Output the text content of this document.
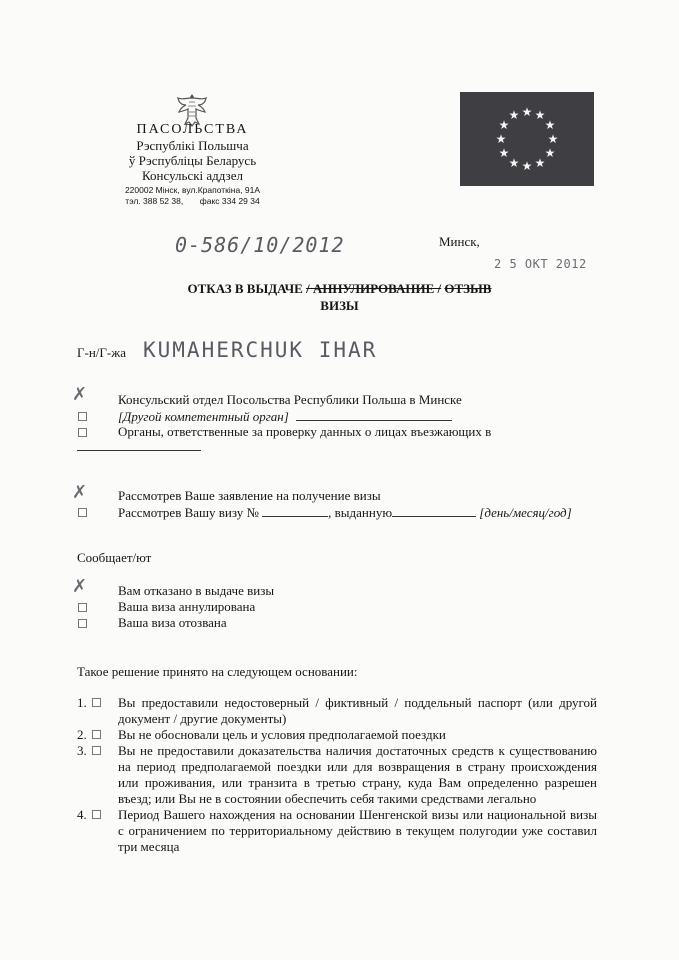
ПАСОЛЬСТВА
Рэспублікі Польшча
ў Рэспубліцы Беларусь
Консульскі аддзел
220002 Мінск, вул.Крапоткіна, 91А
тэл. 388 52 38, факс 334 29 34
★ ★
★
★
★
★
★
★
★
★
★
★
0-586/10/2012	Минск,
2 5 ОКТ 2012
ОТКАЗ В ВЫДАЧЕ / АННУЛИРОВАНИЕ / ОТЗЫВ
ВИЗЫ
Г-н/Г-жа KUMAHERCHUK IHAR
✗ Консульский отдел Посольства Республики Польша в Минске
[Другой компетентный орган]
Органы, ответственные за проверку данных о лицах въезжающих в
✗ Рассмотрев Ваше заявление на получение визы
Рассмотрев Вашу визу №	, выданную	[день/месяц/год]
Сообщает/ют
✗ Вам отказано в выдаче визы
Ваша виза аннулирована
Ваша виза отозвана
Такое решение принято на следующем основании:
1.	Вы предоставили недостоверный / фиктивный / поддельный паспорт (или другой документ / другие документы)
2.	Вы не обосновали цель и условия предполагаемой поездки
3.	Вы не предоставили доказательства наличия достаточных средств к существованию на период предполагаемой поездки или для возвращения в страну происхождения или проживания, или транзита в третью страну, куда Вам определенно разрешен въезд; или Вы не в состоянии обеспечить себя такими средствами легально
4.	Период Вашего нахождения на основании Шенгенской визы или национальной визы с ограничением по территориальному действию в текущем полугодии уже составил три месяца
